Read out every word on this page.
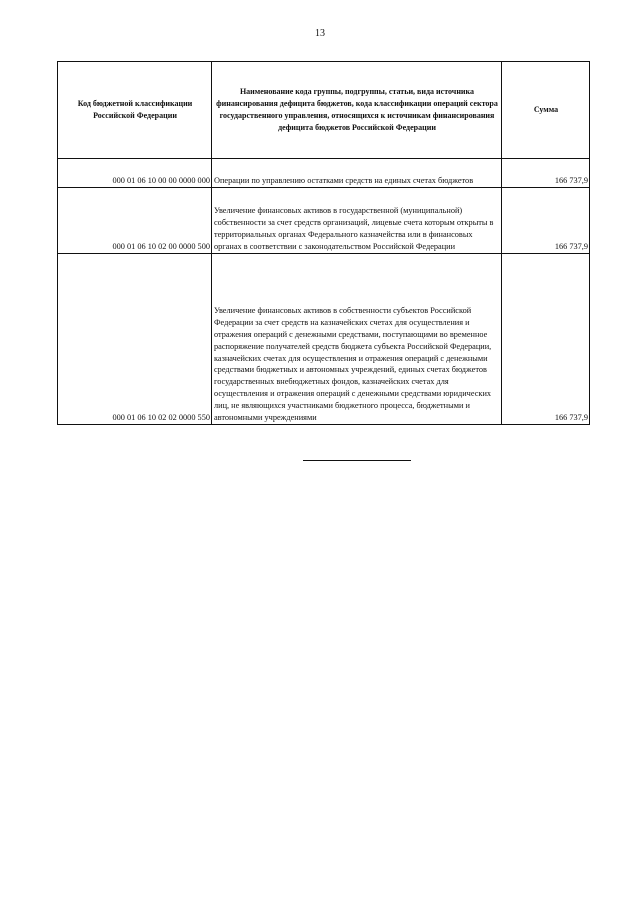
13
Код бюджетной классификации Российской Федерации	Наименование кода группы, подгруппы, статьи, вида источника финансирования дефицита бюджетов, кода классификации операций сектора государственного управления, относящихся к источникам финансирования дефицита бюджетов Российской Федерации	Сумма
000 01 06 10 00 00 0000 000	Операции по управлению остатками средств на единых счетах бюджетов	166 737,9
000 01 06 10 02 00 0000 500	Увеличение финансовых активов в государственной (муниципальной) собственности за счет средств организаций, лицевые счета которым открыты в территориальных органах Федерального казначейства или в финансовых органах в соответствии с законодательством Российской Федерации	166 737,9
000 01 06 10 02 02 0000 550	Увеличение финансовых активов в собственности субъектов Российской Федерации за счет средств на казначейских счетах для осуществления и отражения операций с денежными средствами, поступающими во временное распоряжение получателей средств бюджета субъекта Российской Федерации, казначейских счетах для осуществления и отражения операций с денежными средствами бюджетных и автономных учреждений, единых счетах бюджетов государственных внебюджетных фондов, казначейских счетах для осуществления и отражения операций с денежными средствами юридических лиц, не являющихся участниками бюджетного процесса, бюджетными и автономными учреждениями	166 737,9
